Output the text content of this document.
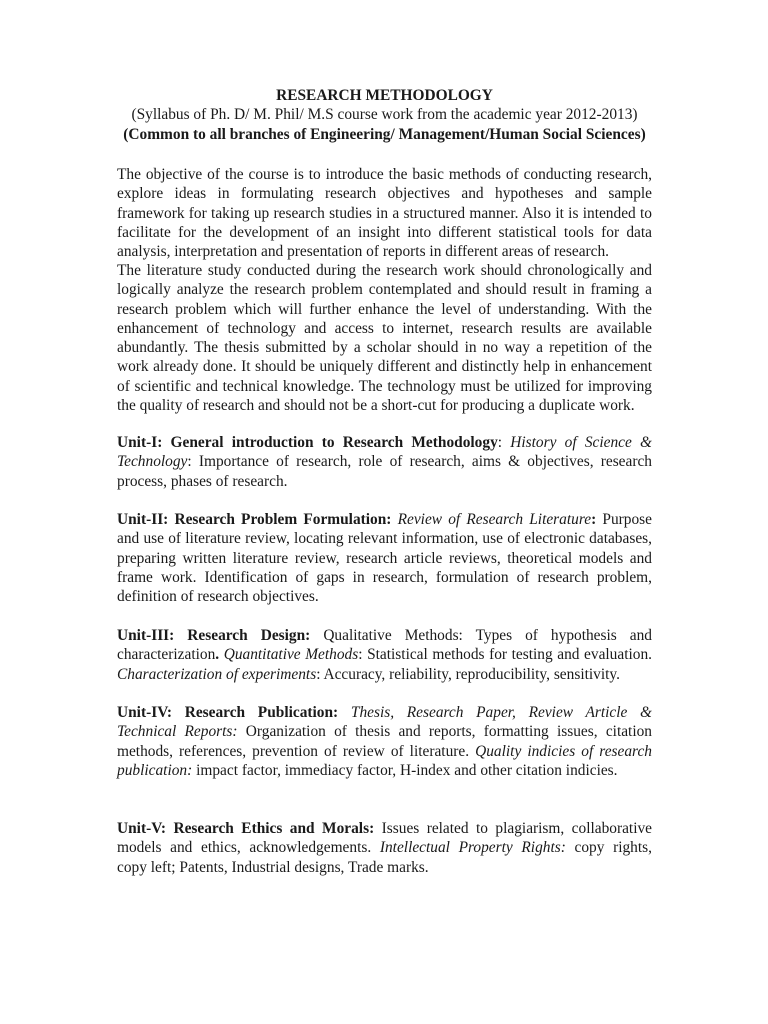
RESEARCH METHODOLOGY
(Syllabus of Ph. D/ M. Phil/ M.S course work from the academic year 2012-2013)
(Common to all branches of Engineering/ Management/Human Social Sciences)
The objective of the course is to introduce the basic methods of conducting research,
explore ideas in formulating research objectives and hypotheses and sample
framework for taking up research studies in a structured manner. Also it is intended to
facilitate for the development of an insight into different statistical tools for data
analysis, interpretation and presentation of reports in different areas of research.
The literature study conducted during the research work should chronologically and
logically analyze the research problem contemplated and should result in framing a
research problem which will further enhance the level of understanding. With the
enhancement of technology and access to internet, research results are available
abundantly. The thesis submitted by a scholar should in no way a repetition of the
work already done. It should be uniquely different and distinctly help in enhancement
of scientific and technical knowledge. The technology must be utilized for improving
the quality of research and should not be a short-cut for producing a duplicate work.
Unit-I: General introduction to Research Methodology: History of Science &
Technology: Importance of research, role of research, aims & objectives, research
process, phases of research.
Unit-II: Research Problem Formulation: Review of Research Literature: Purpose
and use of literature review, locating relevant information, use of electronic databases,
preparing written literature review, research article reviews, theoretical models and
frame work. Identification of gaps in research, formulation of research problem,
definition of research objectives.
Unit-III: Research Design: Qualitative Methods: Types of hypothesis and
characterization. Quantitative Methods: Statistical methods for testing and evaluation.
Characterization of experiments: Accuracy, reliability, reproducibility, sensitivity.
Unit-IV: Research Publication: Thesis, Research Paper, Review Article &
Technical Reports: Organization of thesis and reports, formatting issues, citation
methods, references, prevention of review of literature. Quality indicies of research
publication: impact factor, immediacy factor, H-index and other citation indicies.
Unit-V: Research Ethics and Morals: Issues related to plagiarism, collaborative
models and ethics, acknowledgements. Intellectual Property Rights: copy rights,
copy left; Patents, Industrial designs, Trade marks.
